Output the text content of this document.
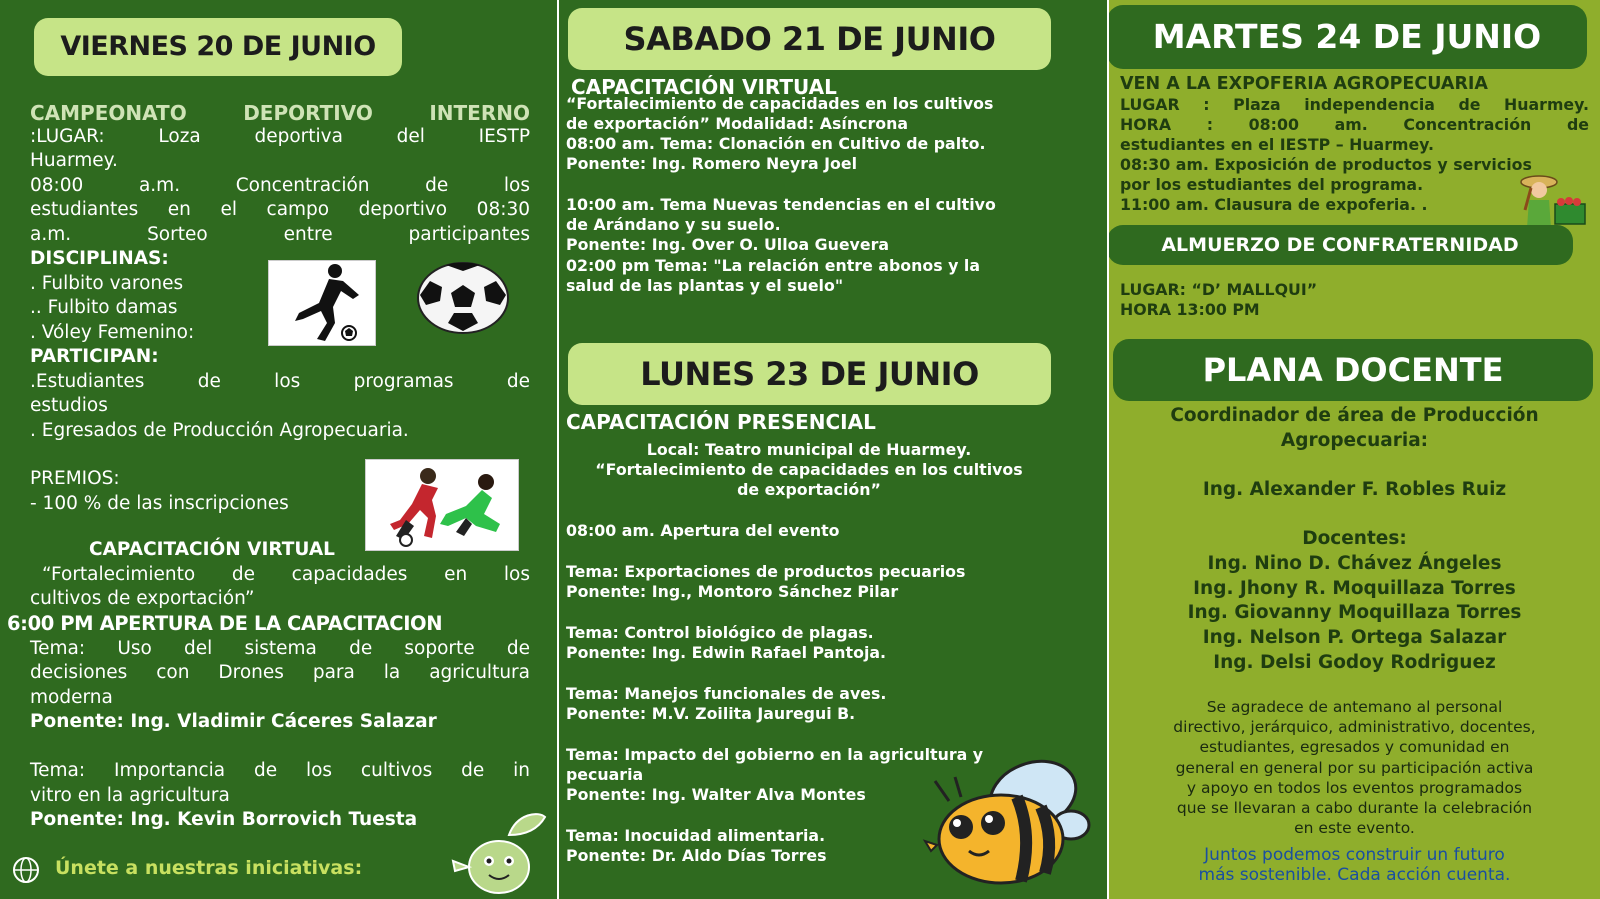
VIERNES 20 DE JUNIO
CAMPEONATO DEPORTIVO INTERNO
:LUGAR: Loza deportiva del IESTP
Huarmey.
08:00 a.m. Concentración de los
estudiantes en el campo deportivo 08:30
a.m. Sorteo entre participantes
DISCIPLINAS:
. Fulbito varones
.. Fulbito damas
. Vóley Femenino:
PARTICIPAN:
.Estudiantes de los programas de
estudios
. Egresados de Producción Agropecuaria.
PREMIOS:
- 100 % de las inscripciones
CAPACITACIÓN VIRTUAL
“Fortalecimiento de capacidades en los
cultivos de exportación”
6:00 PM APERTURA DE LA CAPACITACION
Tema: Uso del sistema de soporte de
decisiones con Drones para la agricultura
moderna
Ponente: Ing. Vladimir Cáceres Salazar
Tema: Importancia de los cultivos de in
vitro en la agricultura
Ponente: Ing. Kevin Borrovich Tuesta
Únete a nuestras iniciativas:
SABADO 21 DE JUNIO
CAPACITACIÓN VIRTUAL
“Fortalecimiento de capacidades en los cultivos
de exportación” Modalidad: Asíncrona
08:00 am. Tema: Clonación en Cultivo de palto.
Ponente: Ing. Romero Neyra Joel
10:00 am. Tema Nuevas tendencias en el cultivo
de Arándano y su suelo.
Ponente: Ing. Over O. Ulloa Guevera
02:00 pm Tema: "La relación entre abonos y la
salud de las plantas y el suelo"
LUNES 23 DE JUNIO
CAPACITACIÓN PRESENCIAL
Local: Teatro municipal de Huarmey.
“Fortalecimiento de capacidades en los cultivos
de exportación”
08:00 am. Apertura del evento
Tema: Exportaciones de productos pecuarios
Ponente: Ing., Montoro Sánchez Pilar
Tema: Control biológico de plagas.
Ponente: Ing. Edwin Rafael Pantoja.
Tema: Manejos funcionales de aves.
Ponente: M.V. Zoilita Jauregui B.
Tema: Impacto del gobierno en la agricultura y
pecuaria
Ponente: Ing. Walter Alva Montes
Tema: Inocuidad alimentaria.
Ponente: Dr. Aldo Días Torres
MARTES 24 DE JUNIO
VEN A LA EXPOFERIA AGROPECUARIA
LUGAR : Plaza independencia de Huarmey.
HORA : 08:00 am. Concentración de
estudiantes en el IESTP – Huarmey.
08:30 am. Exposición de productos y servicios
por los estudiantes del programa.
11:00 am. Clausura de expoferia. .
ALMUERZO DE CONFRATERNIDAD
LUGAR: “D’ MALLQUI”
HORA 13:00 PM
PLANA DOCENTE
Coordinador de área de Producción
Agropecuaria:
Ing. Alexander F. Robles Ruiz
Docentes:
Ing. Nino D. Chávez Ángeles
Ing. Jhony R. Moquillaza Torres
Ing. Giovanny Moquillaza Torres
Ing. Nelson P. Ortega Salazar
Ing. Delsi Godoy Rodriguez
Se agradece de antemano al personal
directivo, jerárquico, administrativo, docentes,
estudiantes, egresados y comunidad en
general en general por su participación activa
y apoyo en todos los eventos programados
que se llevaran a cabo durante la celebración
en este evento.
Juntos podemos construir un futuro
más sostenible. Cada acción cuenta.
